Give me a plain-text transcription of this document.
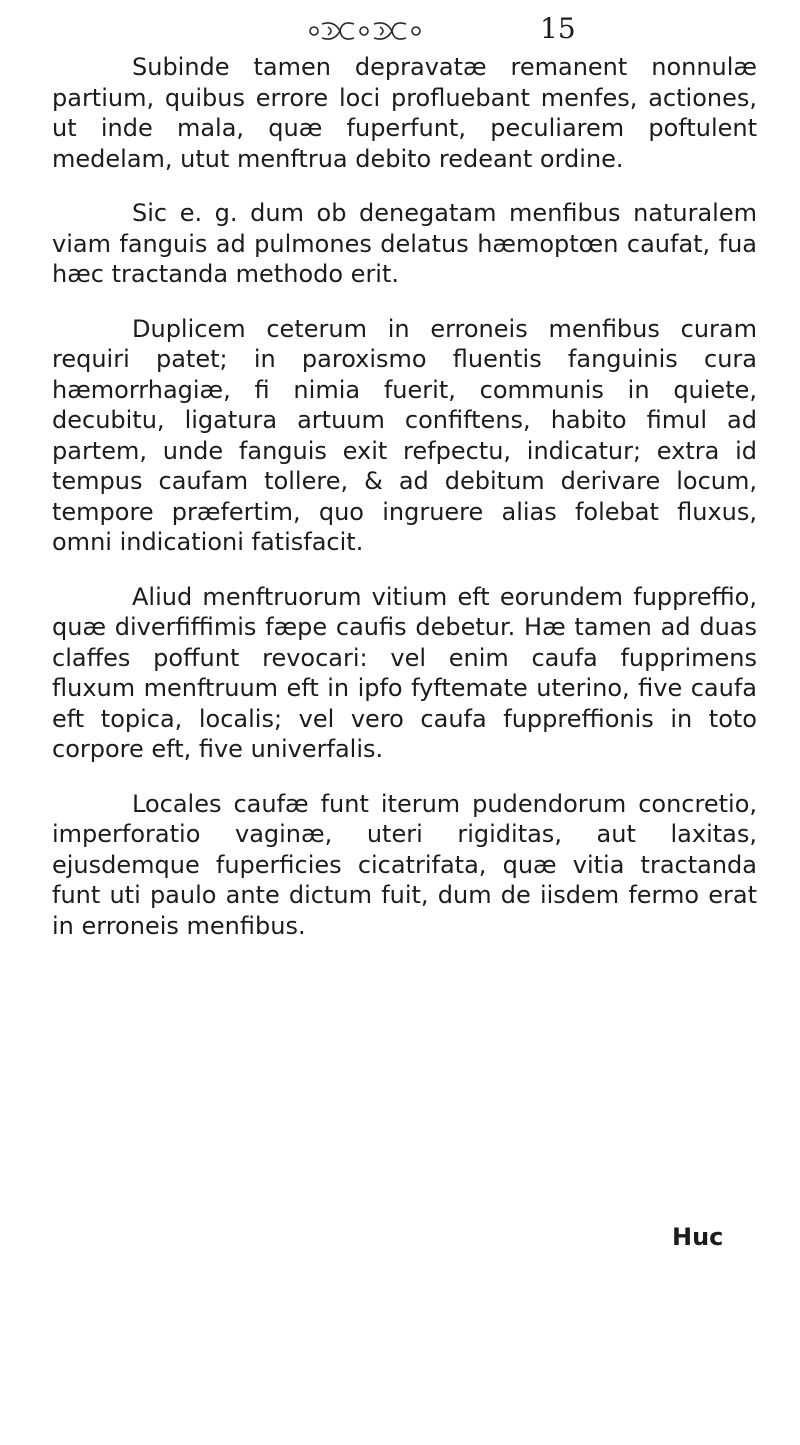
15

Subinde tamen depravatæ remanent nonnulæ partium, quibus errore loci profluebant menfes, actiones, ut inde mala, quæ fuperfunt, peculiarem poftulent medelam, utut menftrua debito redeant ordine.

Sic e. g. dum ob denegatam menfibus naturalem viam fanguis ad pulmones delatus hæmoptœn caufat, fua hæc tractanda methodo erit.

Duplicem ceterum in erroneis menfibus curam requiri patet; in paroxismo fluentis fanguinis cura hæmorrhagiæ, fi nimia fuerit, communis in quiete, decubitu, ligatura artuum confiftens, habito fimul ad partem, unde fanguis exit refpectu, indicatur; extra id tempus caufam tollere, & ad debitum derivare locum, tempore præfertim, quo ingruere alias folebat fluxus, omni indicationi fatisfacit.

Aliud menftruorum vitium eft eorundem fuppreffio, quæ diverfiffimis fæpe caufis debetur. Hæ tamen ad duas claffes poffunt revocari: vel enim caufa fupprimens fluxum menftruum eft in ipfo fyftemate uterino, five caufa eft topica, localis; vel vero caufa fuppreffionis in toto corpore eft, five univerfalis.

Locales caufæ funt iterum pudendorum concretio, imperforatio vaginæ, uteri rigiditas, aut laxitas, ejusdemque fuperficies cicatrifata, quæ vitia tractanda funt uti paulo ante dictum fuit, dum de iisdem fermo erat in erroneis menfibus.

Huc
